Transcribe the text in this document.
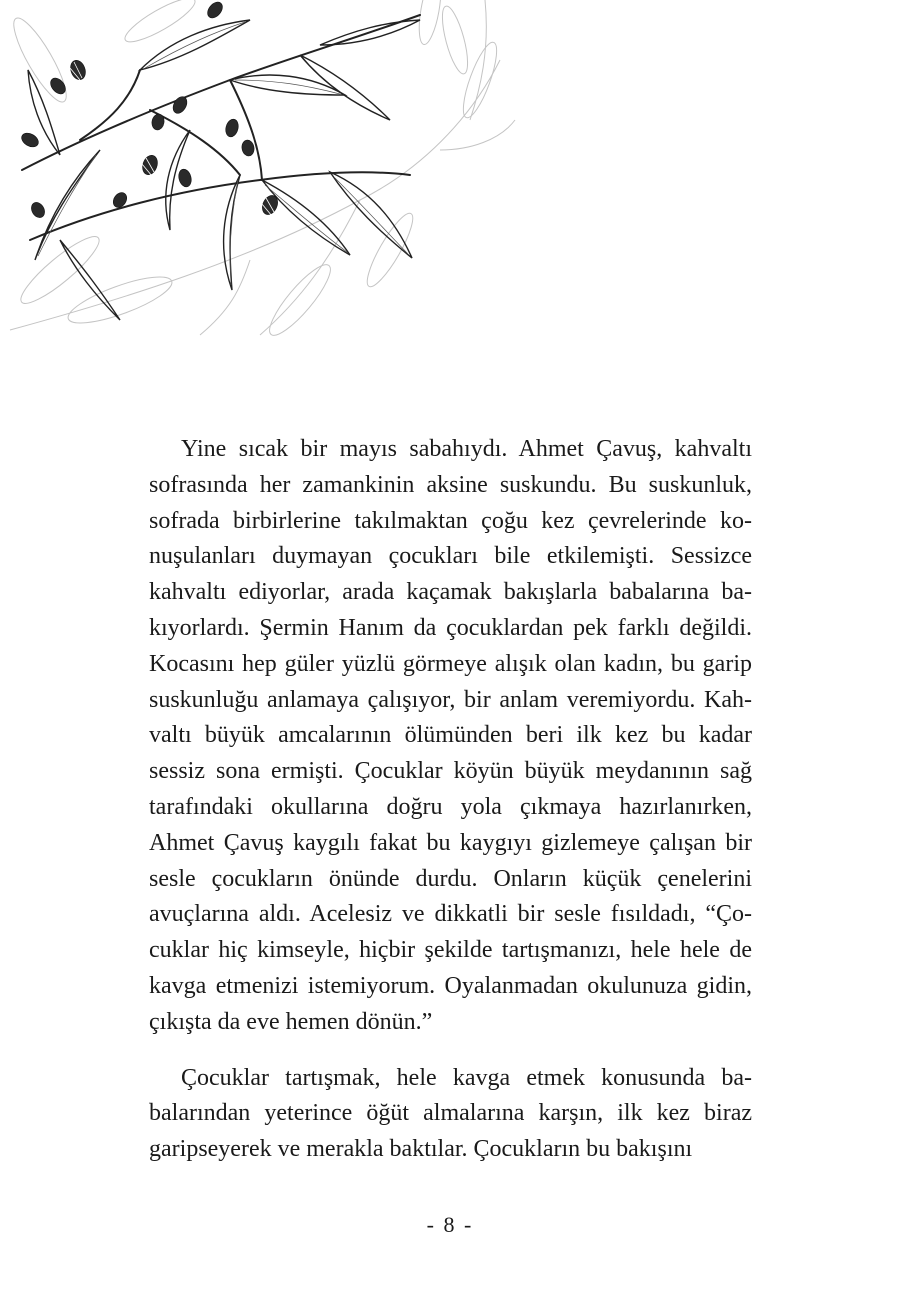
Yine sıcak bir mayıs sabahıydı. Ahmet Çavuş, kahvaltı sofrasında her zamankinin aksine suskundu. Bu suskunluk, sofrada birbirlerine takılmaktan çoğu kez çevrelerinde konuşulanları duymayan çocukları bile etkilemişti. Sessizce kahvaltı ediyorlar, arada kaçamak bakışlarla babalarına bakıyorlardı. Şermin Hanım da çocuklardan pek farklı değildi. Kocasını hep güler yüzlü görmeye alışık olan kadın, bu garip suskunluğu anlamaya çalışıyor, bir anlam veremiyordu. Kahvaltı büyük amcalarının ölümünden beri ilk kez bu kadar sessiz sona ermişti. Çocuklar köyün büyük meydanının sağ tarafındaki okullarına doğru yola çıkmaya hazırlanırken, Ahmet Çavuş kaygılı fakat bu kaygıyı gizlemeye çalışan bir sesle çocukların önünde durdu. Onların küçük çenelerini avuçlarına aldı. Acelesiz ve dikkatli bir sesle fısıldadı, “Çocuklar hiç kimseyle, hiçbir şekilde tartışmanızı, hele hele de kavga etmenizi istemiyorum. Oyalanmadan okulunuza gidin, çıkışta da eve hemen dönün.”

Çocuklar tartışmak, hele kavga etmek konusunda babalarından yeterince öğüt almalarına karşın, ilk kez biraz garipseyerek ve merakla baktılar. Çocukların bu bakışını

- 8 -
